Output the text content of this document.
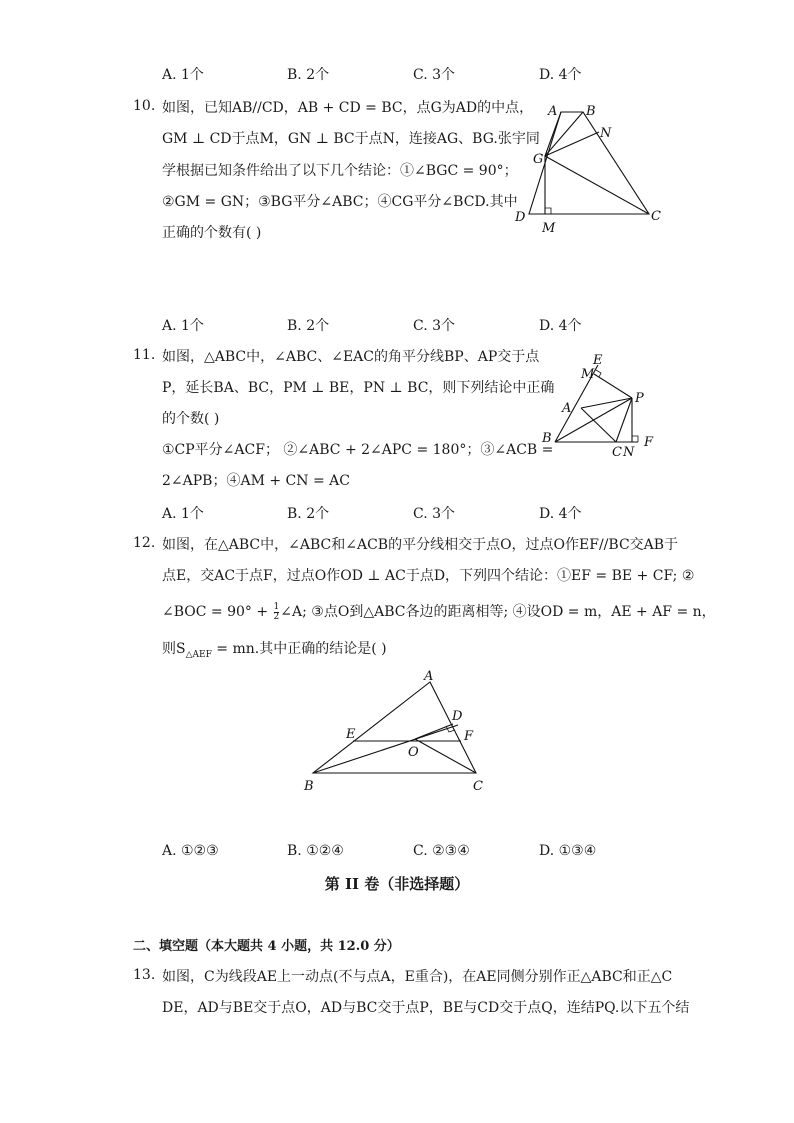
A. 1个	B. 2个	C. 3个	D. 4个
10. 如图，已知AB//CD，AB + CD = BC，点G为AD的中点，
GM ⊥ CD于点M，GN ⊥ BC于点N，连接AG、BG.张宇同
学根据已知条件给出了以下几个结论：①∠BGC = 90°；
②GM = GN；③BG平分∠ABC；④CG平分∠BCD.其中
正确的个数有( )
A B
N
G
D
M
C
A. 1个	B. 2个	C. 3个	D. 4个
11. 如图，△ABC中，∠ABC、∠EAC的角平分线BP、AP交于点
P，延长BA、BC，PM ⊥ BE，PN ⊥ BC，则下列结论中正确
的个数( )
①CP平分∠ACF； ②∠ABC + 2∠APC = 180°；③∠ACB =
2∠APB；④AM + CN = AC
E
M
A
P
B
C N
F
A. 1个	B. 2个	C. 3个	D. 4个
12. 如图，在△ABC中，∠ABC和∠ACB的平分线相交于点O，过点O作EF//BC交AB于
点E，交AC于点F，过点O作OD ⊥ AC于点D，下列四个结论：①EF = BE + CF; ②
∠BOC = $90^\circ + \frac{1}{2}$ ∠A; ③点O到△ABC各边的距离相等; ④设OD = m，AE + AF = n，
则$S_{\triangle AEF}$ = mn.其中正确的结论是( )
A
D
E	F
O
B	C
A. ①②③	B. ①②④	C. ②③④	D. ①③④
第 II 卷（非选择题）
二、填空题（本大题共 4 小题，共 12.0 分）
13. 如图，C为线段AE上一动点(不与点A，E重合)，在AE同侧分别作正△ABC和正△C
DE，AD与BE交于点O，AD与BC交于点P，BE与CD交于点Q，连结PQ.以下五个结
